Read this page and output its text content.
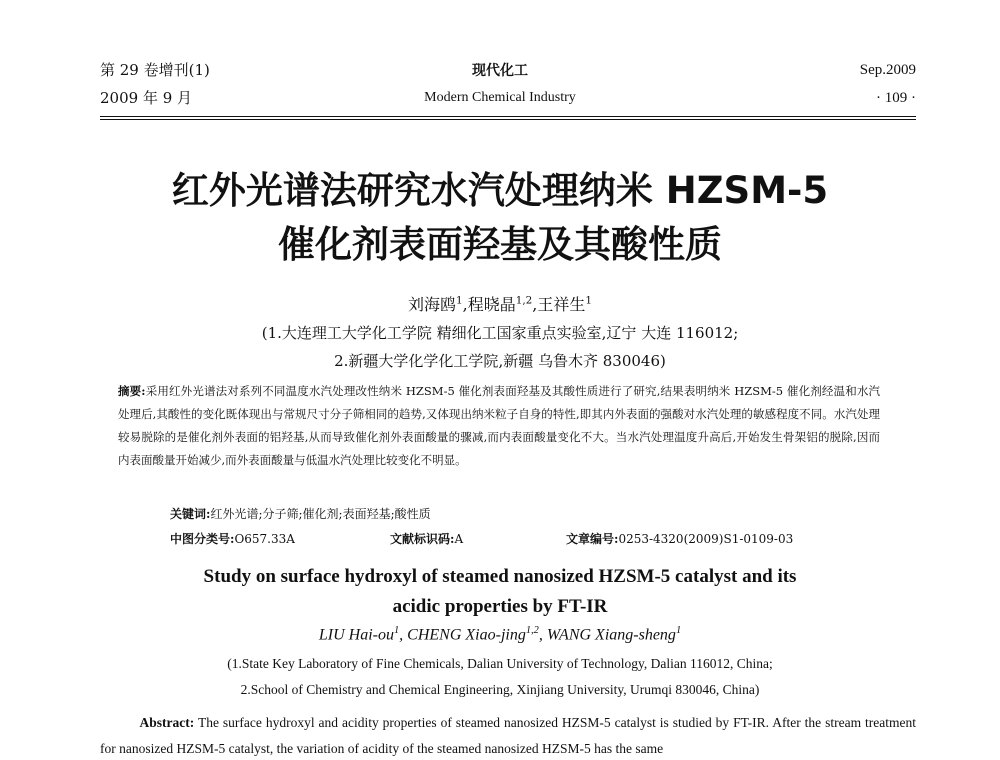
第 29 卷增刊(1)
2009 年 9 月
现代化工
Modern Chemical Industry
Sep.2009
· 109 ·
红外光谱法研究水汽处理纳米 HZSM-5
催化剂表面羟基及其酸性质
刘海鸥$^1$,程晓晶$^{1,2}$,王祥生$^1$
(1.大连理工大学化工学院 精细化工国家重点实验室,辽宁 大连 116012;
2.新疆大学化学化工学院,新疆 乌鲁木齐 830046)
摘要:采用红外光谱法对系列不同温度水汽处理改性纳米 HZSM-5 催化剂表面羟基及其酸性质进行了研究,结果表明纳米 HZSM-5 催化剂经温和水汽处理后,其酸性的变化既体现出与常规尺寸分子筛相同的趋势,又体现出纳米粒子自身的特性,即其内外表面的强酸对水汽处理的敏感程度不同。水汽处理较易脱除的是催化剂外表面的铝羟基,从而导致催化剂外表面酸量的骤减,而内表面酸量变化不大。当水汽处理温度升高后,开始发生骨架铝的脱除,因而内表面酸量开始减少,而外表面酸量与低温水汽处理比较变化不明显。
关键词:红外光谱;分子筛;催化剂;表面羟基;酸性质
中图分类号:O657.33A	文献标识码:A	文章编号:0253-4320(2009)S1-0109-03
Study on surface hydroxyl of steamed nanosized HZSM-5 catalyst and its
acidic properties by FT-IR
LIU Hai-$ou^1$, CHENG Xiao-jing$^{1,2}$, WANG Xiang-sheng$^1$
(1.State Key Laboratory of Fine Chemicals, Dalian University of Technology, Dalian 116012, China;
2.School of Chemistry and Chemical Engineering, Xinjiang University, Urumqi 830046, China)
Abstract: The surface hydroxyl and acidity properties of steamed nanosized HZSM-5 catalyst is studied by FT-IR. After the stream treatment for nanosized HZSM-5 catalyst, the variation of acidity of the steamed nanosized HZSM-5 has the same
